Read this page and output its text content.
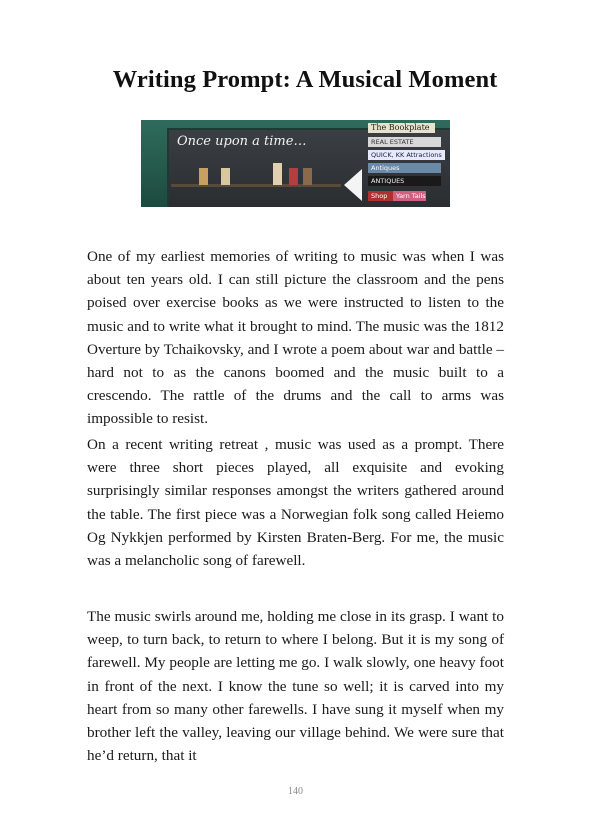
 Writing Prompt: A Musical Moment
Once upon a time…
The Bookplate
REAL ESTATE
QUICK, KK Attractions
Antiques
ANTIQUES
Shop	Yarn Tails

One of my earliest memories of writing to music was when I was about ten years old. I can still picture the classroom and the pens poised over exercise books as we were instructed to listen to the music and to write what it brought to mind. The music was the 1812 Overture by Tchaikovsky, and I wrote a poem about war and battle – hard not to as the canons boomed and the music built to a crescendo. The rattle of the drums and the call to arms was impossible to resist.

On a recent writing retreat , music was used as a prompt. There were three short pieces played, all exquisite and evoking surprisingly similar responses amongst the writers gathered around the table. The first piece was a Norwegian folk song called Heiemo Og Nykkjen performed by Kirsten Braten-Berg. For me, the music was a melancholic song of farewell.

The music swirls around me, holding me close in its grasp. I want to weep, to turn back, to return to where I belong. But it is my song of farewell. My people are letting me go. I walk slowly, one heavy foot in front of the next. I know the tune so well; it is carved into my heart from so many other farewells. I have sung it myself when my brother left the valley, leaving our village behind. We were sure that he’d return, that it

140
